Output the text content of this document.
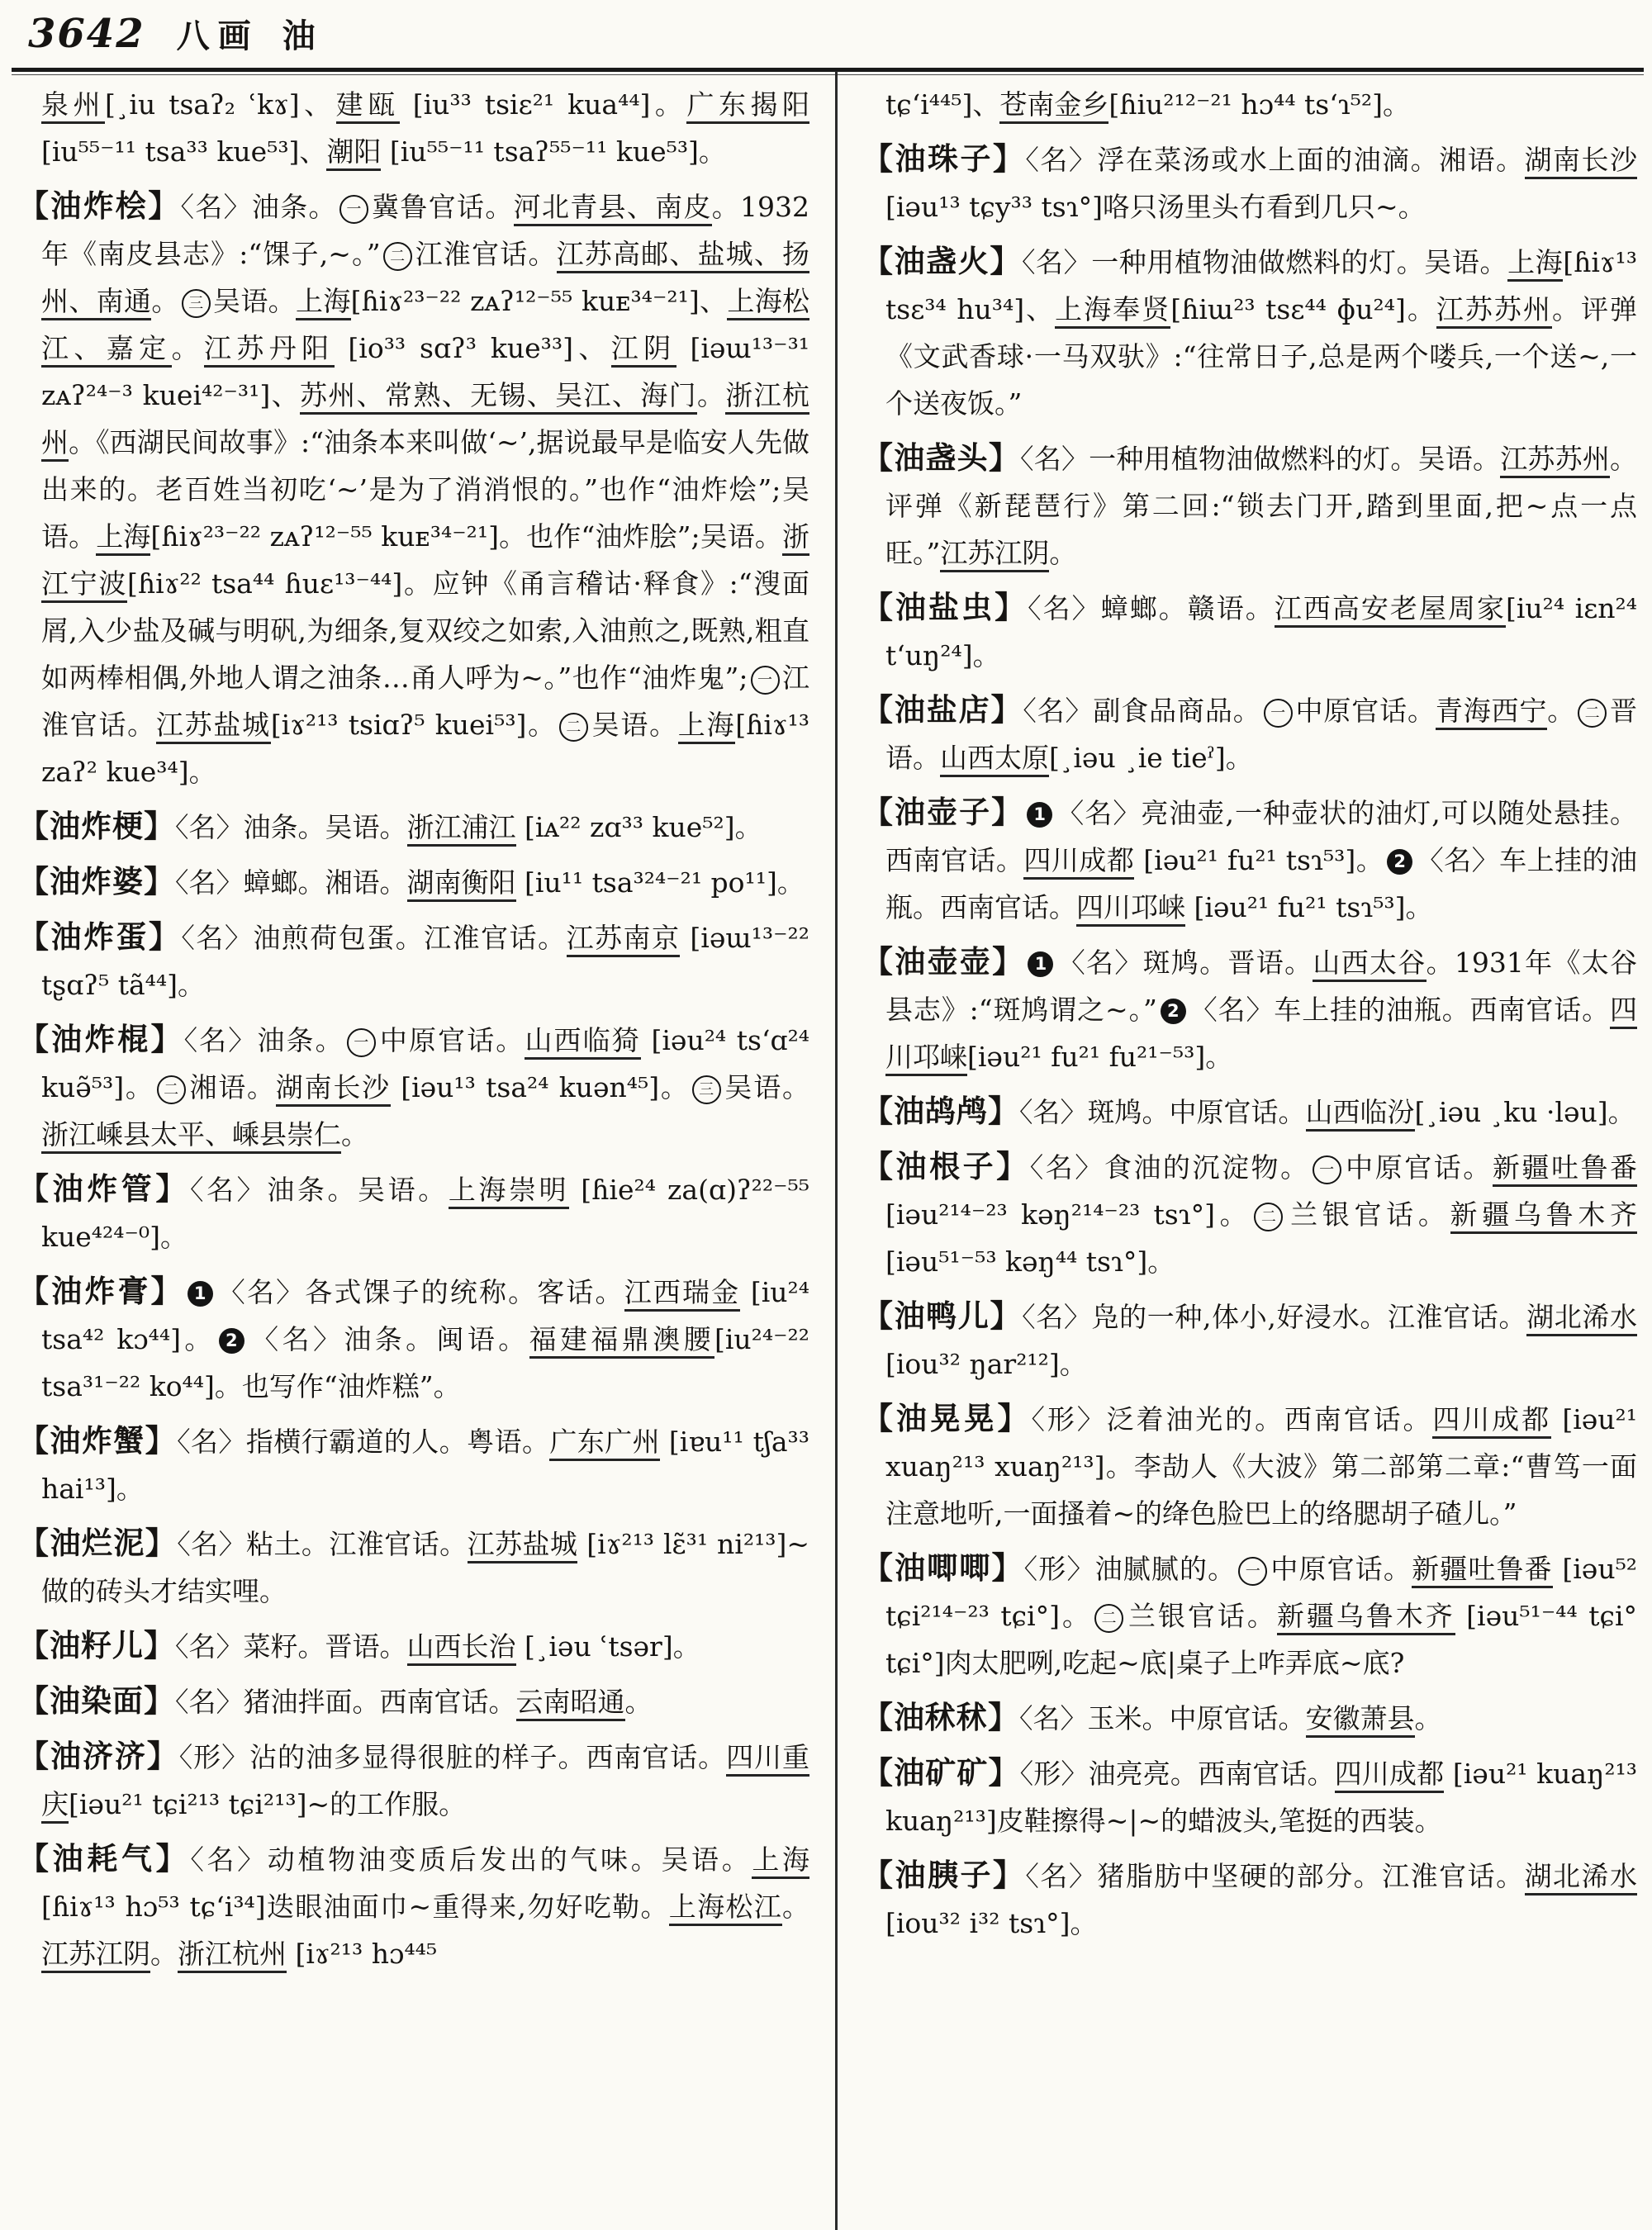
3642 八画 油

泉州[¸iu tsaʔ₂ ʿkɤ]、建瓯 [iu³³ tsiɛ²¹ kua⁴⁴]。广东揭阳 [iu⁵⁵⁻¹¹ tsa³³ kue⁵³]、潮阳 [iu⁵⁵⁻¹¹ tsaʔ⁵⁵⁻¹¹ kue⁵³]。

【油炸桧】〈名〉油条。 一 冀鲁官话。河北青县、南皮。1932年《南皮县志》:“馃子,~。” 二 江淮官话。江苏高邮、盐城、扬州、南通。 三 吴语。上海[ɦiɤ²³⁻²² zᴀʔ¹²⁻⁵⁵ kuᴇ³⁴⁻²¹]、上海松江、嘉定。江苏丹阳 [io³³ sɑʔ³ kue³³]、江阴 [iəɯ¹³⁻³¹ zᴀʔ²⁴⁻³ kuei⁴²⁻³¹]、苏州、常熟、无锡、吴江、海门。浙江杭州。《西湖民间故事》:“油条本来叫做‘~’,据说最早是临安人先做出来的。老百姓当初吃‘~’是为了消消恨的。”也作“油炸烩”;吴语。上海[ɦiɤ²³⁻²² zᴀʔ¹²⁻⁵⁵ kuᴇ³⁴⁻²¹]。也作“油炸脍”;吴语。浙江宁波[ɦiɤ²² tsa⁴⁴ ɦuɛ¹³⁻⁴⁴]。应钟《甬言稽诂·释食》:“溲面屑,入少盐及碱与明矾,为细条,复双绞之如索,入油煎之,既熟,粗直如两棒相偶,外地人谓之油条…甬人呼为~。”也作“油炸鬼”; 一 江淮官话。江苏盐城[iɤ²¹³ tsiɑʔ⁵ kuei⁵³]。 二 吴语。上海[ɦiɤ¹³ zaʔ² kue³⁴]。

【油炸梗】〈名〉油条。吴语。浙江浦江 [iᴀ²² zɑ³³ kue⁵²]。

【油炸婆】〈名〉蟑螂。湘语。湖南衡阳 [iu¹¹ tsa³²⁴⁻²¹ po¹¹]。

【油炸蛋】〈名〉油煎荷包蛋。江淮官话。江苏南京 [iəɯ¹³⁻²² tʂɑʔ⁵ tã⁴⁴]。

【油炸棍】〈名〉油条。 一 中原官话。山西临猗 [iəu²⁴ tsʻɑ²⁴ kuə̃⁵³]。 二 湘语。湖南长沙 [iəu¹³ tsa²⁴ kuən⁴⁵]。 三 吴语。浙江嵊县太平、嵊县崇仁。

【油炸管】〈名〉油条。吴语。上海崇明 [ɦie²⁴ za(ɑ)ʔ²²⁻⁵⁵ kue⁴²⁴⁻⁰]。

【油炸膏】 1 〈名〉各式馃子的统称。客话。江西瑞金 [iu²⁴ tsa⁴² kɔ⁴⁴]。 2 〈名〉油条。闽语。福建福鼎澳腰[iu²⁴⁻²² tsa³¹⁻²² ko⁴⁴]。也写作“油炸糕”。

【油炸蟹】〈名〉指横行霸道的人。粤语。广东广州 [iɐu¹¹ tʃa³³ hai¹³]。

【油烂泥】〈名〉粘土。江淮官话。江苏盐城 [iɤ²¹³ lɛ̃³¹ ni²¹³]~做的砖头才结实哩。

【油籽儿】〈名〉菜籽。晋语。山西长治 [¸iəu ʿtsər]。

【油染面】〈名〉猪油拌面。西南官话。云南昭通。

【油济济】〈形〉沾的油多显得很脏的样子。西南官话。四川重庆[iəu²¹ tɕi²¹³ tɕi²¹³]~的工作服。

【油耗气】〈名〉动植物油变质后发出的气味。吴语。上海 [ɦiɤ¹³ hɔ⁵³ tɕʻi³⁴]迭眼油面巾~重得来,勿好吃勒。上海松江。江苏江阴。浙江杭州 [iɤ²¹³ hɔ⁴⁴⁵

tɕʻi⁴⁴⁵]、苍南金乡[ɦiu²¹²⁻²¹ hɔ⁴⁴ tsʻɿ⁵²]。

【油珠子】〈名〉浮在菜汤或水上面的油滴。湘语。湖南长沙[iəu¹³ tɕy³³ tsɿ°]咯只汤里头冇看到几只~。

【油盏火】〈名〉一种用植物油做燃料的灯。吴语。上海[ɦiɤ¹³ tsɛ³⁴ hu³⁴]、上海奉贤[ɦiɯ²³ tsɛ⁴⁴ ɸu²⁴]。江苏苏州。评弹《文武香球·一马双驮》:“往常日子,总是两个喽兵,一个送~,一个送夜饭。”

【油盏头】〈名〉一种用植物油做燃料的灯。吴语。江苏苏州。评弹《新琵琶行》第二回:“锁去门开,踏到里面,把~点一点旺。”江苏江阴。

【油盐虫】〈名〉蟑螂。赣语。江西高安老屋周家[iu²⁴ iɛn²⁴ tʻuŋ²⁴]。

【油盐店】〈名〉副食品商品。 一 中原官话。青海西宁。 二 晋语。山西太原[¸iəu ¸ie tieˀ]。

【油壶子】 1 〈名〉亮油壶,一种壶状的油灯,可以随处悬挂。西南官话。四川成都 [iəu²¹ fu²¹ tsɿ⁵³]。 2 〈名〉车上挂的油瓶。西南官话。四川邛崃 [iəu²¹ fu²¹ tsɿ⁵³]。

【油壶壶】 1 〈名〉斑鸠。晋语。山西太谷。1931年《太谷县志》:“斑鸠谓之~。” 2 〈名〉车上挂的油瓶。西南官话。四川邛崃[iəu²¹ fu²¹ fu²¹⁻⁵³]。

【油鸪鸬】〈名〉斑鸠。中原官话。山西临汾[¸iəu ¸ku ·ləu]。

【油根子】〈名〉食油的沉淀物。 一 中原官话。新疆吐鲁番[iəu²¹⁴⁻²³ kəŋ²¹⁴⁻²³ tsɿ°]。 二 兰银官话。新疆乌鲁木齐[iəu⁵¹⁻⁵³ kəŋ⁴⁴ tsɿ°]。

【油鸭儿】〈名〉凫的一种,体小,好浸水。江淮官话。湖北浠水[iou³² ŋar²¹²]。

【油晃晃】〈形〉泛着油光的。西南官话。四川成都 [iəu²¹ xuaŋ²¹³ xuaŋ²¹³]。李劼人《大波》第二部第二章:“曹笃一面注意地听,一面搔着~的绛色脸巴上的络腮胡子碴儿。”

【油唧唧】〈形〉油腻腻的。 一 中原官话。新疆吐鲁番 [iəu⁵² tɕi²¹⁴⁻²³ tɕi°]。 二 兰银官话。新疆乌鲁木齐 [iəu⁵¹⁻⁴⁴ tɕi° tɕi°]肉太肥咧,吃起~底|桌子上咋弄底~底?

【油秫秫】〈名〉玉米。中原官话。安徽萧县。

【油矿矿】〈形〉油亮亮。西南官话。四川成都 [iəu²¹ kuaŋ²¹³ kuaŋ²¹³]皮鞋擦得~|~的蜡波头,笔挺的西装。

【油胰子】〈名〉猪脂肪中坚硬的部分。江淮官话。湖北浠水[iou³² i³² tsɿ°]。
